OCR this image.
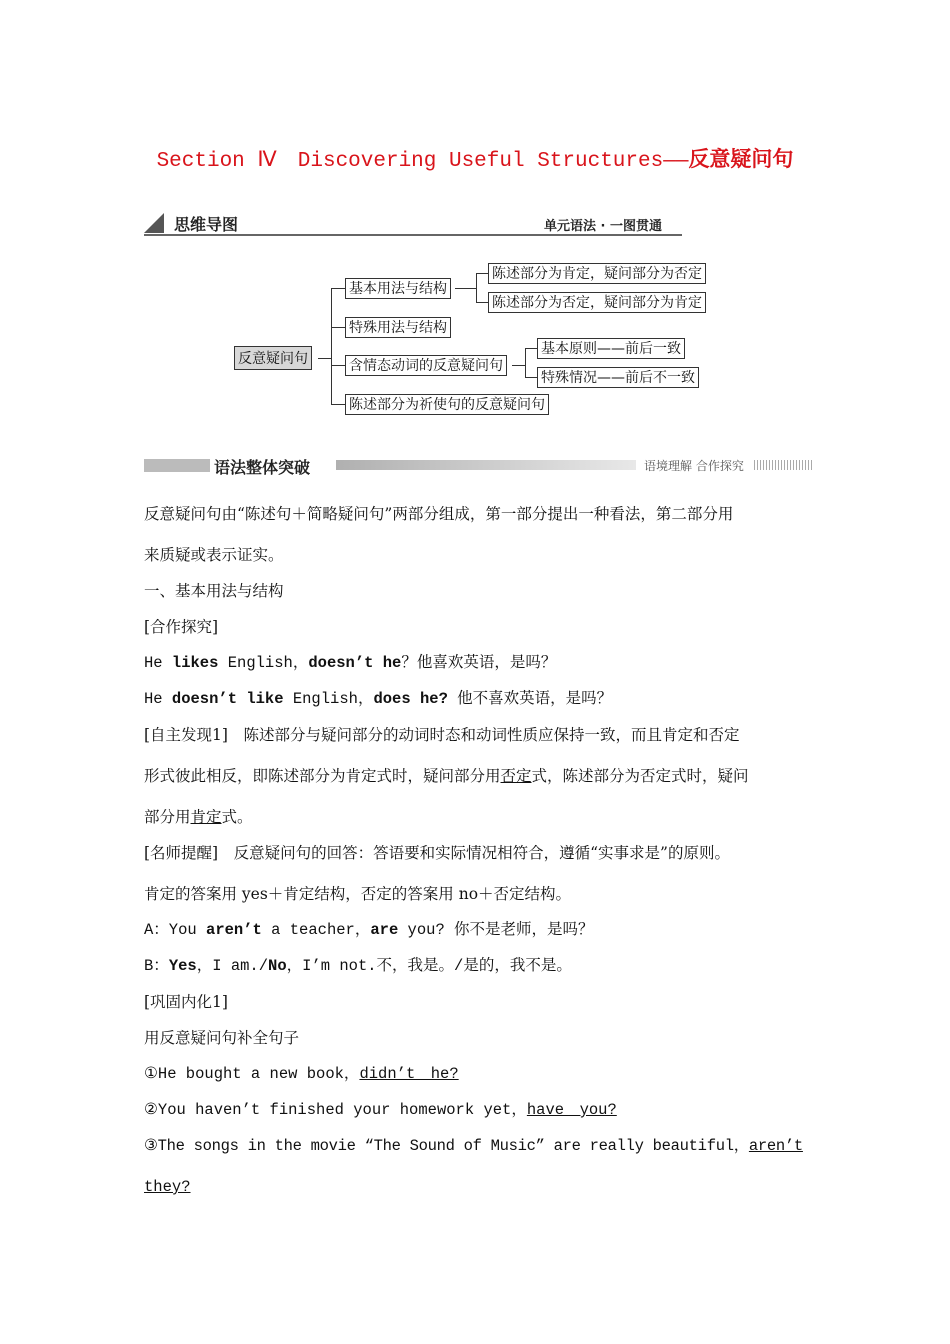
Section Ⅳ　Discovering Useful Structures——反意疑问句
思维导图	单元语法 · 一图贯通
反意疑问句
基本用法与结构
陈述部分为肯定，疑问部分为否定
陈述部分为否定，疑问部分为肯定
特殊用法与结构
含情态动词的反意疑问句
基本原则——前后一致
特殊情况——前后不一致
陈述部分为祈使句的反意疑问句
语法整体突破	语境理解 合作探究
反意疑问句由“陈述句＋简略疑问句”两部分组成，第一部分提出一种看法，第二部分用
来质疑或表示证实。
一、基本用法与结构
[合作探究]
He likes English，doesn’t he？他喜欢英语，是吗？
He doesn’t like English，does he? 他不喜欢英语，是吗？
[自主发现1]　陈述部分与疑问部分的动词时态和动词性质应保持一致，而且肯定和否定
形式彼此相反，即陈述部分为肯定式时，疑问部分用否定式，陈述部分为否定式时，疑问
部分用肯定式。
[名师提醒]　反意疑问句的回答：答语要和实际情况相符合，遵循“实事求是”的原则。
肯定的答案用 yes＋肯定结构，否定的答案用 no＋否定结构。
A：You aren’t a teacher，are you? 你不是老师，是吗？
B：Yes，I am./No，I’m not.不，我是。/是的，我不是。
[巩固内化1]
用反意疑问句补全句子
①He bought a new book，didn’t　he?
②You haven’t finished your homework yet，have　you?
③The songs in the movie “The Sound of Music” are really beautiful，aren’t
they?
